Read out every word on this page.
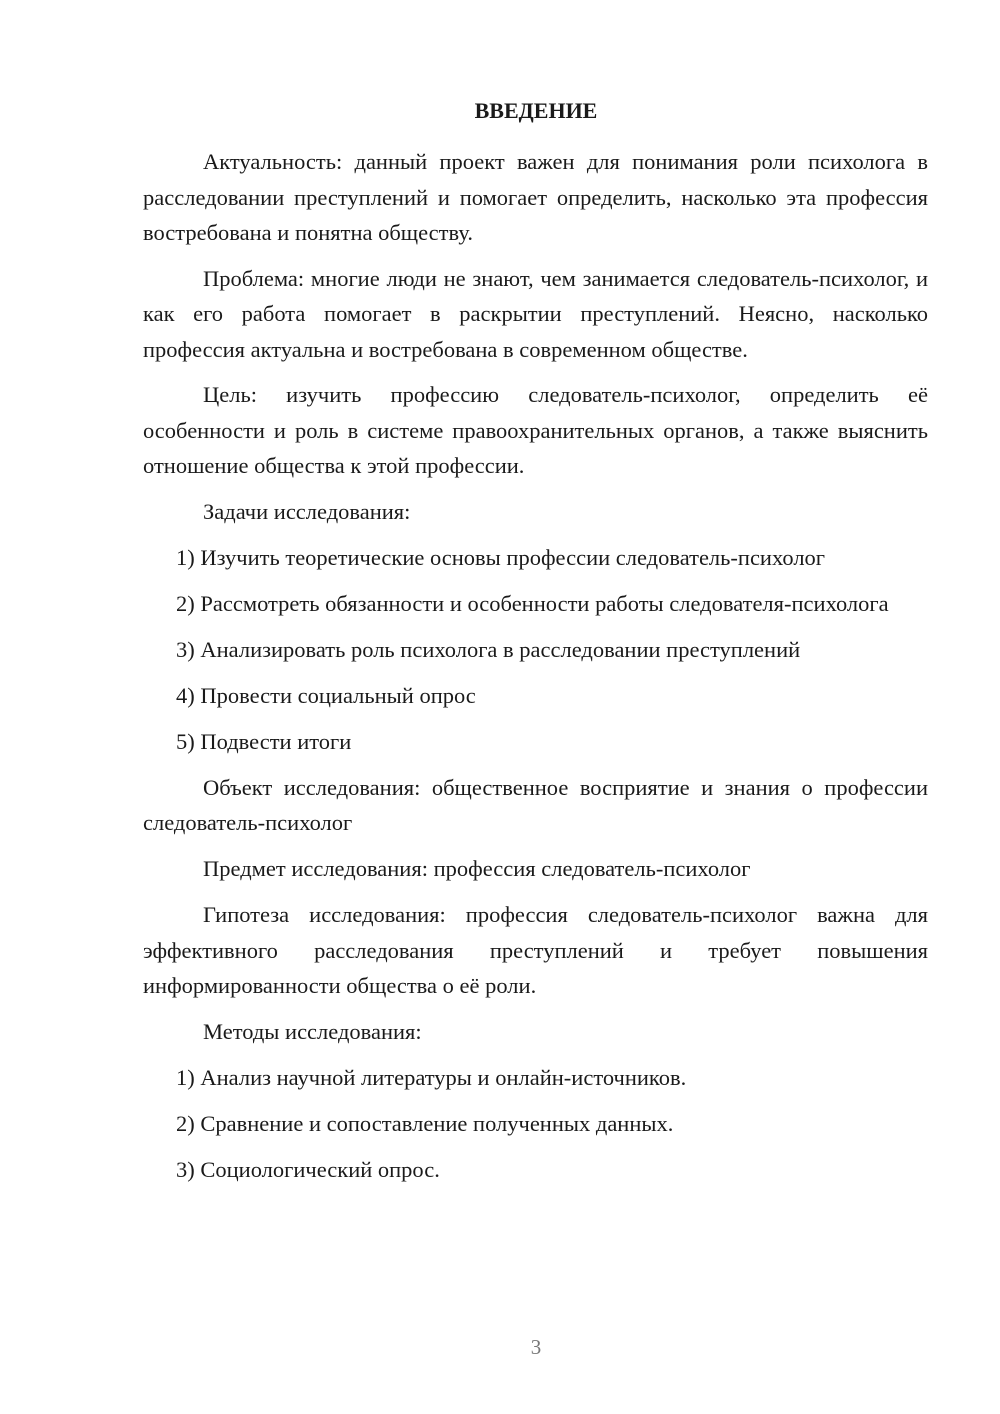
ВВЕДЕНИЕ

Актуальность: данный проект важен для понимания роли психолога в расследовании преступлений и помогает определить, насколько эта профессия востребована и понятна обществу.

Проблема: многие люди не знают, чем занимается следователь-психолог, и как его работа помогает в раскрытии преступлений. Неясно, насколько профессия актуальна и востребована в современном обществе.

Цель: изучить профессию следователь-психолог, определить её особенности и роль в системе правоохранительных органов, а также выяснить отношение общества к этой профессии.

Задачи исследования:

1) Изучить теоретические основы профессии следователь-психолог

2) Рассмотреть обязанности и особенности работы следователя-психолога

3) Анализировать роль психолога в расследовании преступлений

4) Провести социальный опрос

5) Подвести итоги

Объект исследования: общественное восприятие и знания о профессии следователь-психолог

Предмет исследования: профессия следователь-психолог

Гипотеза исследования: профессия следователь-психолог важна для эффективного расследования преступлений и требует повышения информированности общества о её роли.

Методы исследования:

1) Анализ научной литературы и онлайн-источников.

2) Сравнение и сопоставление полученных данных.

3) Социологический опрос.

3
